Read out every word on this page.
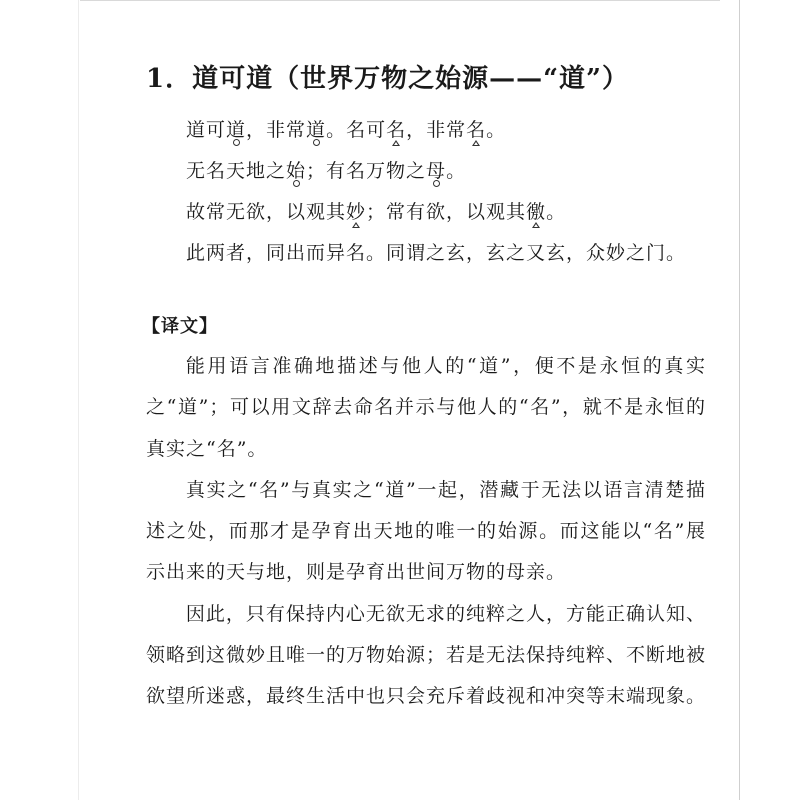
1．道可道（世界万物之始源——“道”）
道可道
，非常道
。名可名
，非常名
。
无名天地之始
；有名万物之母
。
故常无欲，以观其妙
；常有欲，以观其徼
。
此两者，同出而异名。同谓之玄，玄之又玄，众妙之门。
【译文】

能用语言准确地描述与他人的“道”，便不是永恒的真实之“道”；可以用文辞去命名并示与他人的“名”，就不是永恒的真实之“名”。

真实之“名”与真实之“道”一起，潜藏于无法以语言清楚描述之处，而那才是孕育出天地的唯一的始源。而这能以“名”展示出来的天与地，则是孕育出世间万物的母亲。

因此，只有保持内心无欲无求的纯粹之人，方能正确认知、领略到这微妙且唯一的万物始源；若是无法保持纯粹、不断地被欲望所迷惑，最终生活中也只会充斥着歧视和冲突等末端现象。
